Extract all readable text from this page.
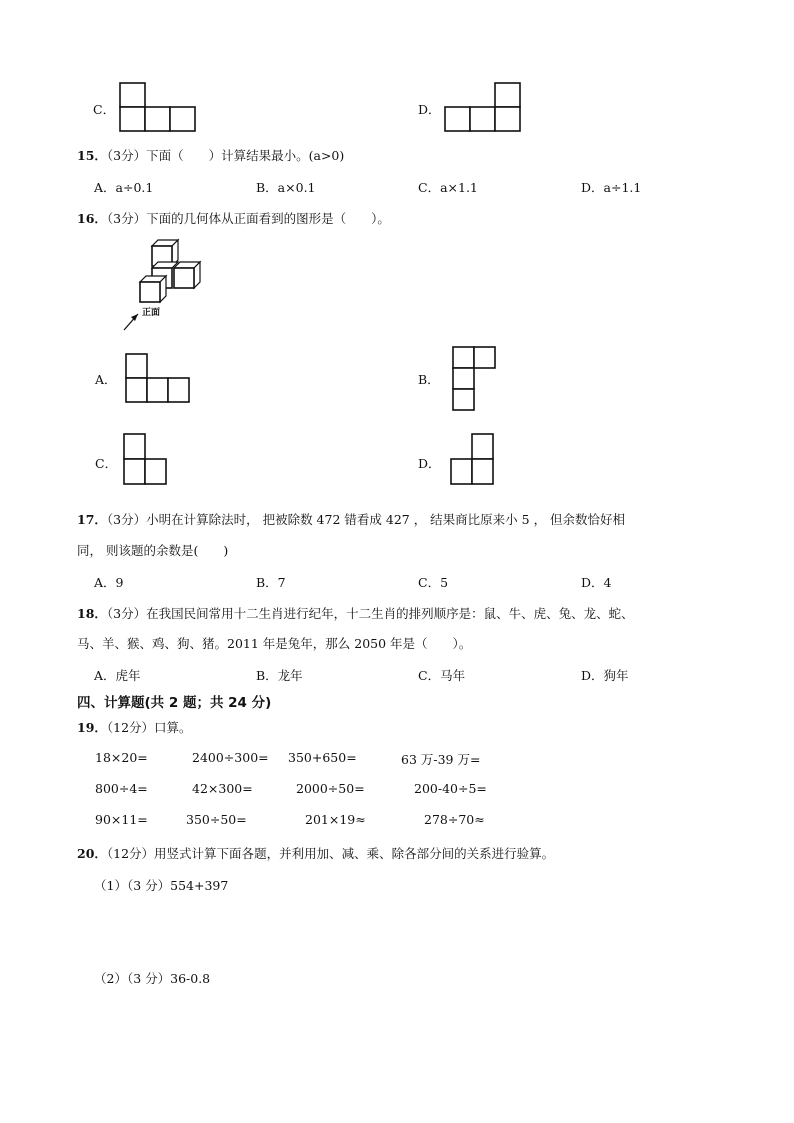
C．	D．
15．（3分）下面（　　）计算结果最小。(a>0)
A．a÷0.1	B．a×0.1	C．a×1.1	D．a÷1.1
16．（3分）下面的几何体从正面看到的图形是（　　）。
正面
A．	B．
C．	D．
17．（3分）小明在计算除法时， 把被除数 472 错看成 427 ， 结果商比原来小 5 ， 但余数恰好相
同， 则该题的余数是(　　)
A．9	B．7	C．5	D．4
18．（3分）在我国民间常用十二生肖进行纪年，十二生肖的排列顺序是：鼠、牛、虎、兔、龙、蛇、
马、羊、猴、鸡、狗、猪。2011 年是兔年，那么 2050 年是（　　）。
A．虎年	B．龙年	C．马年	D．狗年
四、计算题(共 2 题；共 24 分)
19．（12分）口算。
18×20=	2400÷300= 350+650=	63 万-39 万=
800÷4=	42×300=	2000÷50=	200-40÷5=
90×11=	350÷50=	201×19≈	278÷70≈
20．（12分）用竖式计算下面各题，并利用加、减、乘、除各部分间的关系进行验算。
（1）（3 分）554+397
（2）（3 分）36-0.8
